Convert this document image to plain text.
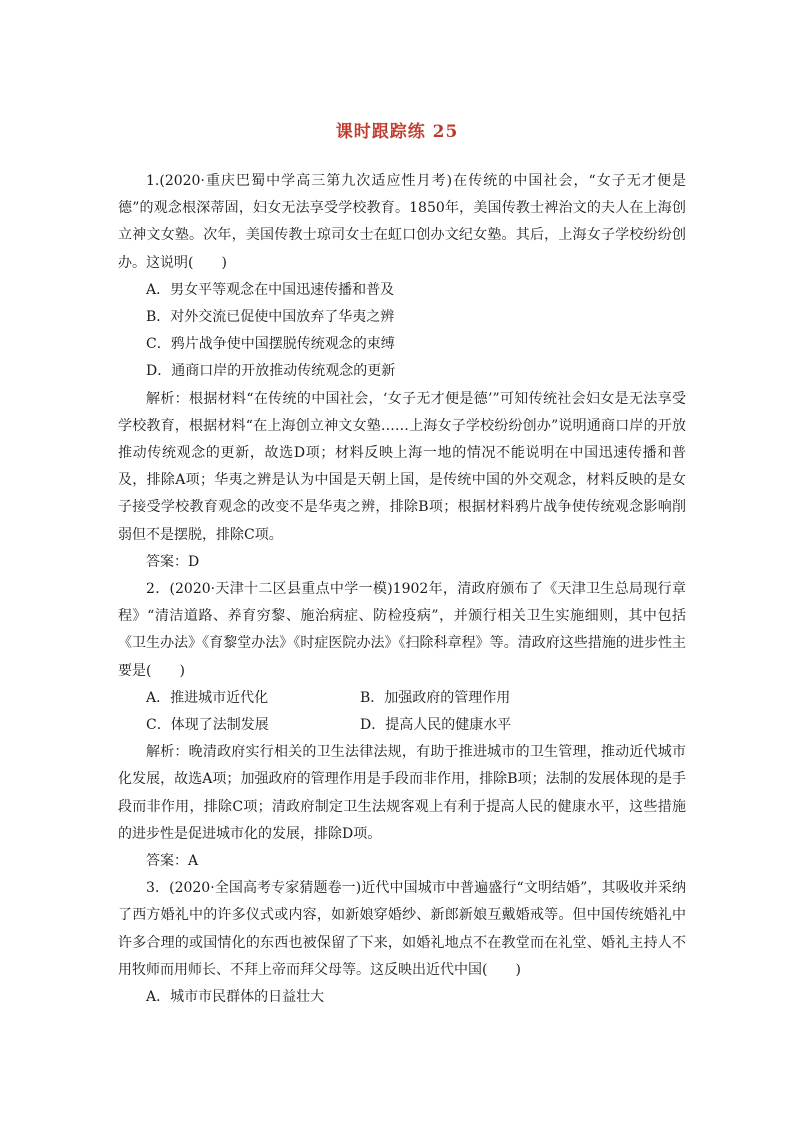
课时跟踪练 25

1.(2020·重庆巴蜀中学高三第九次适应性月考)在传统的中国社会，“女子无才便是德”的观念根深蒂固，妇女无法享受学校教育。1850年，美国传教士裨治文的夫人在上海创立神文女塾。次年，美国传教士琼司女士在虹口创办文纪女塾。其后，上海女子学校纷纷创办。这说明(　　)

A．男女平等观念在中国迅速传播和普及

B．对外交流已促使中国放弃了华夷之辨

C．鸦片战争使中国摆脱传统观念的束缚

D．通商口岸的开放推动传统观念的更新

解析：根据材料“在传统的中国社会，‘女子无才便是德’”可知传统社会妇女是无法享受学校教育，根据材料“在上海创立神文女塾……上海女子学校纷纷创办”说明通商口岸的开放推动传统观念的更新，故选D项；材料反映上海一地的情况不能说明在中国迅速传播和普及，排除A项；华夷之辨是认为中国是天朝上国，是传统中国的外交观念，材料反映的是女子接受学校教育观念的改变不是华夷之辨，排除B项；根据材料鸦片战争使传统观念影响削弱但不是摆脱，排除C项。

答案：D

2．(2020·天津十二区县重点中学一模)1902年，清政府颁布了《天津卫生总局现行章程》“清洁道路、养育穷黎、施治病症、防检疫病”，并颁行相关卫生实施细则，其中包括《卫生办法》《育黎堂办法》《时症医院办法》《扫除科章程》等。清政府这些措施的进步性主要是(　　)

A．推进城市近代化	B．加强政府的管理作用
C．体现了法制发展	D．提高人民的健康水平

解析：晚清政府实行相关的卫生法律法规，有助于推进城市的卫生管理，推动近代城市化发展，故选A项；加强政府的管理作用是手段而非作用，排除B项；法制的发展体现的是手段而非作用，排除C项；清政府制定卫生法规客观上有利于提高人民的健康水平，这些措施的进步性是促进城市化的发展，排除D项。

答案：A

3．(2020·全国高考专家猜题卷一)近代中国城市中普遍盛行“文明结婚”，其吸收并采纳了西方婚礼中的许多仪式或内容，如新娘穿婚纱、新郎新娘互戴婚戒等。但中国传统婚礼中许多合理的或国情化的东西也被保留了下来，如婚礼地点不在教堂而在礼堂、婚礼主持人不用牧师而用师长、不拜上帝而拜父母等。这反映出近代中国(　　)

A．城市市民群体的日益壮大
